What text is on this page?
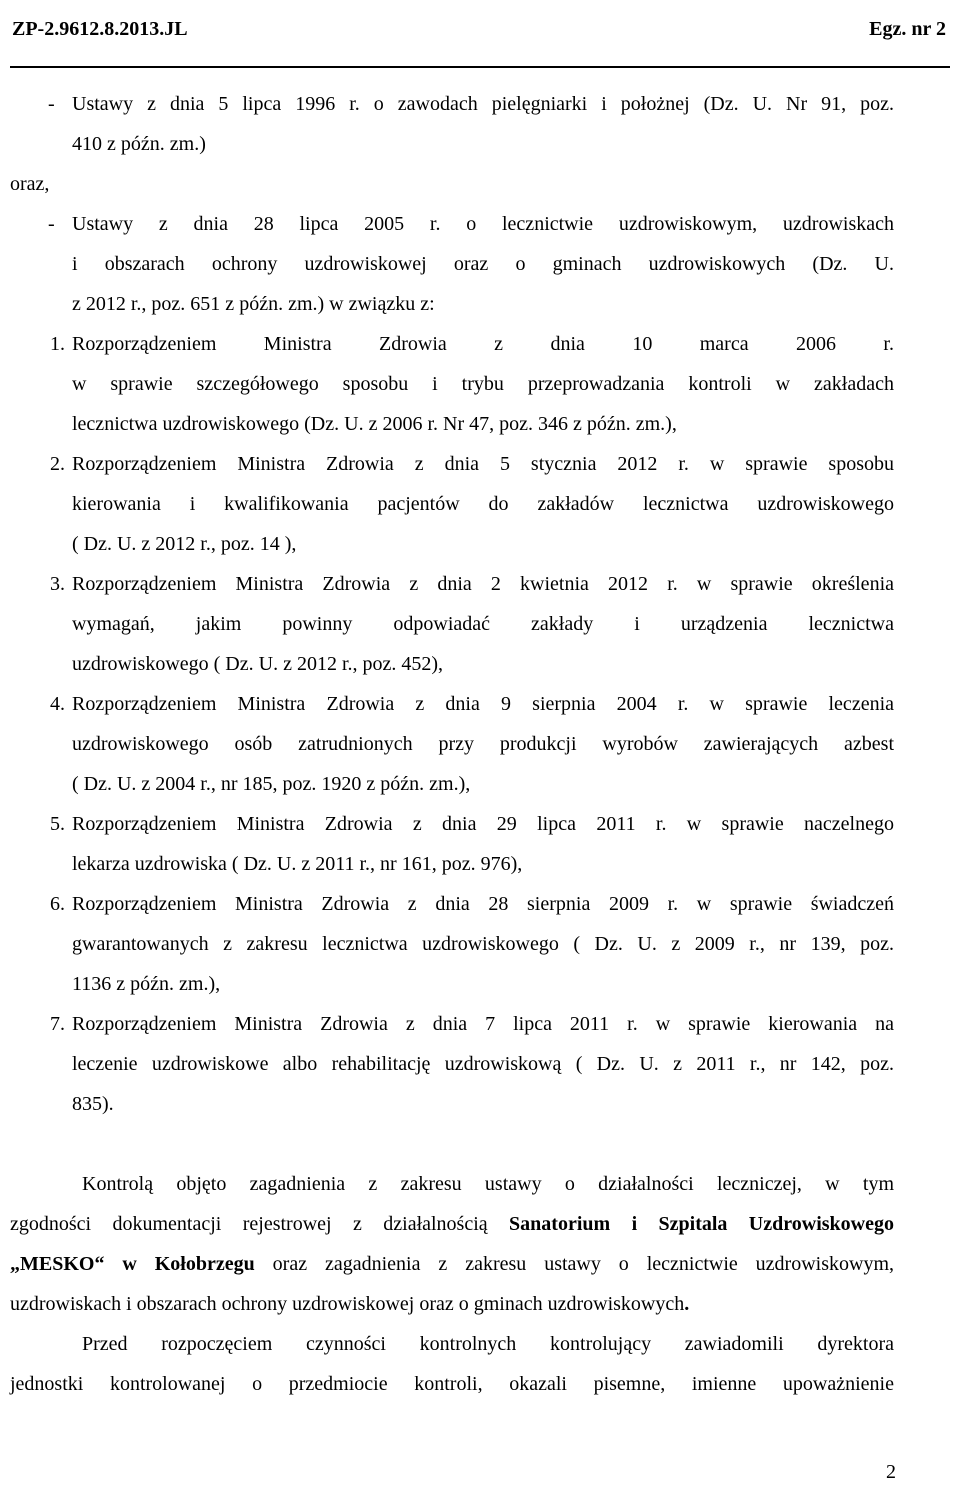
ZP-2.9612.8.2013.JL	Egz. nr 2
- Ustawy z dnia 5 lipca 1996 r. o zawodach pielęgniarki i położnej (Dz. U. Nr 91, poz.
410 z późn. zm.)
oraz,
- Ustawy z dnia 28 lipca 2005 r. o lecznictwie uzdrowiskowym, uzdrowiskach
i obszarach ochrony uzdrowiskowej oraz o gminach uzdrowiskowych (Dz. U.
z 2012 r., poz. 651 z późn. zm.) w związku z:
1. Rozporządzeniem Ministra Zdrowia z dnia 10 marca 2006 r.
w sprawie szczegółowego sposobu i trybu przeprowadzania kontroli w zakładach
lecznictwa uzdrowiskowego (Dz. U. z 2006 r. Nr 47, poz. 346 z późn. zm.),
2. Rozporządzeniem Ministra Zdrowia z dnia 5 stycznia 2012 r. w sprawie sposobu
kierowania i kwalifikowania pacjentów do zakładów lecznictwa uzdrowiskowego
( Dz. U. z 2012 r., poz. 14 ),
3. Rozporządzeniem Ministra Zdrowia z dnia 2 kwietnia 2012 r. w sprawie określenia
wymagań, jakim powinny odpowiadać zakłady i urządzenia lecznictwa
uzdrowiskowego ( Dz. U. z 2012 r., poz. 452),
4. Rozporządzeniem Ministra Zdrowia z dnia 9 sierpnia 2004 r. w sprawie leczenia
uzdrowiskowego osób zatrudnionych przy produkcji wyrobów zawierających azbest
( Dz. U. z 2004 r., nr 185, poz. 1920 z późn. zm.),
5. Rozporządzeniem Ministra Zdrowia z dnia 29 lipca 2011 r. w sprawie naczelnego
lekarza uzdrowiska ( Dz. U. z 2011 r., nr 161, poz. 976),
6. Rozporządzeniem Ministra Zdrowia z dnia 28 sierpnia 2009 r. w sprawie świadczeń
gwarantowanych z zakresu lecznictwa uzdrowiskowego ( Dz. U. z 2009 r., nr 139, poz.
1136 z późn. zm.),
7. Rozporządzeniem Ministra Zdrowia z dnia 7 lipca 2011 r. w sprawie kierowania na
leczenie uzdrowiskowe albo rehabilitację uzdrowiskową ( Dz. U. z 2011 r., nr 142, poz.
835).
Kontrolą objęto zagadnienia z zakresu ustawy o działalności leczniczej, w tym
zgodności dokumentacji rejestrowej z działalnością Sanatorium i Szpitala Uzdrowiskowego
„MESKO“ w Kołobrzegu oraz zagadnienia z zakresu ustawy o lecznictwie uzdrowiskowym,
uzdrowiskach i obszarach ochrony uzdrowiskowej oraz o gminach uzdrowiskowych.
Przed rozpoczęciem czynności kontrolnych kontrolujący zawiadomili dyrektora
jednostki kontrolowanej o przedmiocie kontroli, okazali pisemne, imienne upoważnienie
2
